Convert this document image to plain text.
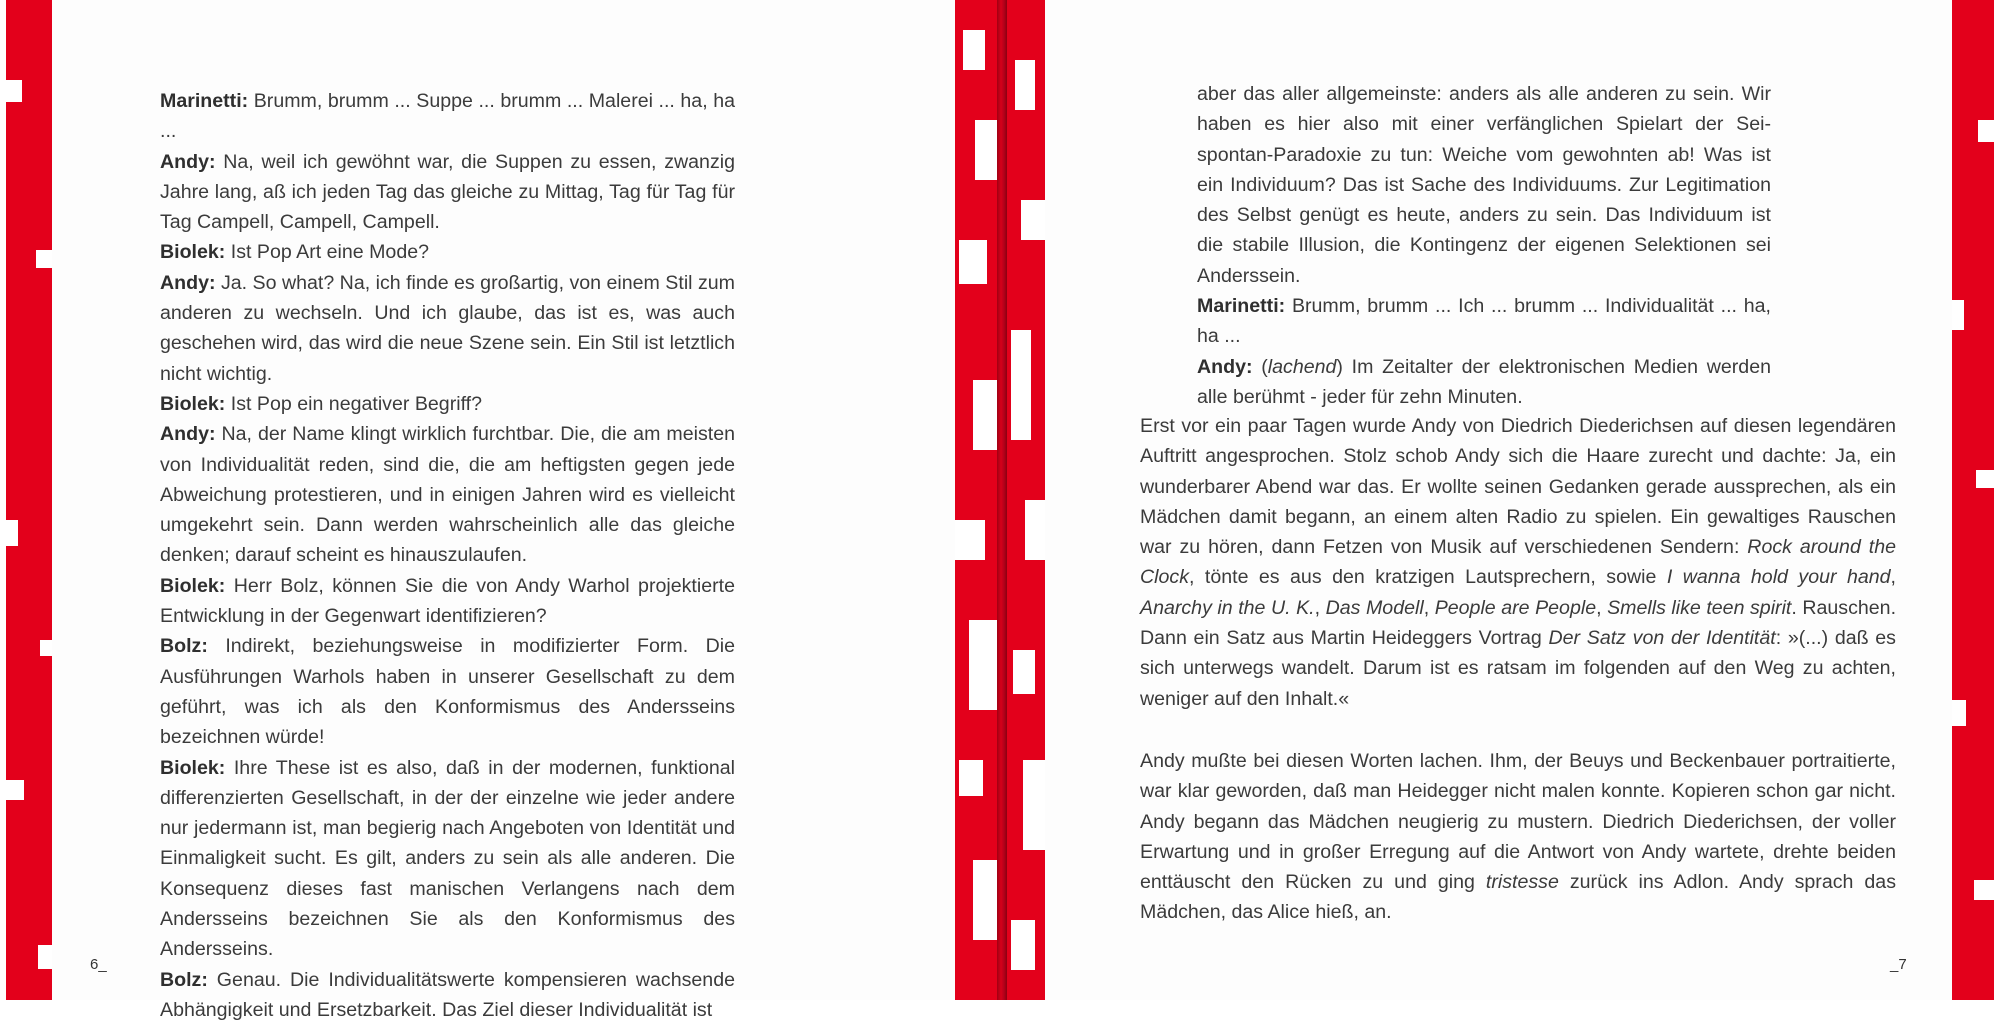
Marinetti: Brumm, brumm ... Suppe ... brumm ... Malerei ... ha, ha ...

Andy: Na, weil ich gewöhnt war, die Suppen zu essen, zwanzig Jahre lang, aß ich jeden Tag das gleiche zu Mittag, Tag für Tag für Tag Campell, Campell, Campell.

Biolek: Ist Pop Art eine Mode?

Andy: Ja. So what? Na, ich finde es großartig, von einem Stil zum anderen zu wechseln. Und ich glaube, das ist es, was auch geschehen wird, das wird die neue Szene sein. Ein Stil ist letztlich nicht wichtig.

Biolek: Ist Pop ein negativer Begriff?

Andy: Na, der Name klingt wirklich furchtbar. Die, die am meisten von Individualität reden, sind die, die am heftigsten gegen jede Abweichung protestieren, und in einigen Jahren wird es vielleicht umgekehrt sein. Dann werden wahrscheinlich alle das gleiche denken; darauf scheint es hinauszulaufen.

Biolek: Herr Bolz, können Sie die von Andy Warhol projektierte Entwicklung in der Gegenwart identifizieren?

Bolz: Indirekt, beziehungsweise in modifizierter Form. Die Ausführungen Warhols haben in unserer Gesellschaft zu dem geführt, was ich als den Konformismus des Andersseins bezeichnen würde!

Biolek: Ihre These ist es also, daß in der modernen, funktional differenzierten Gesellschaft, in der der einzelne wie jeder andere nur jedermann ist, man begierig nach Angeboten von Identität und Einmaligkeit sucht. Es gilt, anders zu sein als alle anderen. Die Konsequenz dieses fast manischen Verlangens nach dem Andersseins bezeichnen Sie als den Konformismus des Andersseins.

Bolz: Genau. Die Individualitätswerte kompensieren wachsende Abhängigkeit und Ersetzbarkeit. Das Ziel dieser Individualität ist

6_

aber das aller allgemeinste: anders als alle anderen zu sein. Wir haben es hier also mit einer verfänglichen Spielart der Sei-spontan-Paradoxie zu tun: Weiche vom gewohnten ab! Was ist ein Individuum? Das ist Sache des Individuums. Zur Legitimation des Selbst genügt es heute, anders zu sein. Das Individuum ist die stabile Illusion, die Kontingenz der eigenen Selektionen sei Anderssein.

Marinetti: Brumm, brumm ... Ich ... brumm ... Individualität ... ha, ha ...

Andy: (lachend) Im Zeitalter der elektronischen Medien werden alle berühmt - jeder für zehn Minuten.

Erst vor ein paar Tagen wurde Andy von Diedrich Diederichsen auf diesen legendären Auftritt angesprochen. Stolz schob Andy sich die Haare zurecht und dachte: Ja, ein wunderbarer Abend war das. Er wollte seinen Gedanken gerade aussprechen, als ein Mädchen damit begann, an einem alten Radio zu spielen. Ein gewaltiges Rauschen war zu hören, dann Fetzen von Musik auf verschiedenen Sendern: Rock around the Clock, tönte es aus den kratzigen Lautsprechern, sowie I wanna hold your hand, Anarchy in the U. K., Das Modell, People are People, Smells like teen spirit. Rauschen. Dann ein Satz aus Martin Heideggers Vortrag Der Satz von der Identität: »(...) daß es sich unterwegs wandelt. Darum ist es ratsam im folgenden auf den Weg zu achten, weniger auf den Inhalt.«

Andy mußte bei diesen Worten lachen. Ihm, der Beuys und Beckenbauer portraitierte, war klar geworden, daß man Heidegger nicht malen konnte. Kopieren schon gar nicht. Andy begann das Mädchen neugierig zu mustern. Diedrich Diederichsen, der voller Erwartung und in großer Erregung auf die Antwort von Andy wartete, drehte beiden enttäuscht den Rücken zu und ging tristesse zurück ins Adlon. Andy sprach das Mädchen, das Alice hieß, an.

_7
